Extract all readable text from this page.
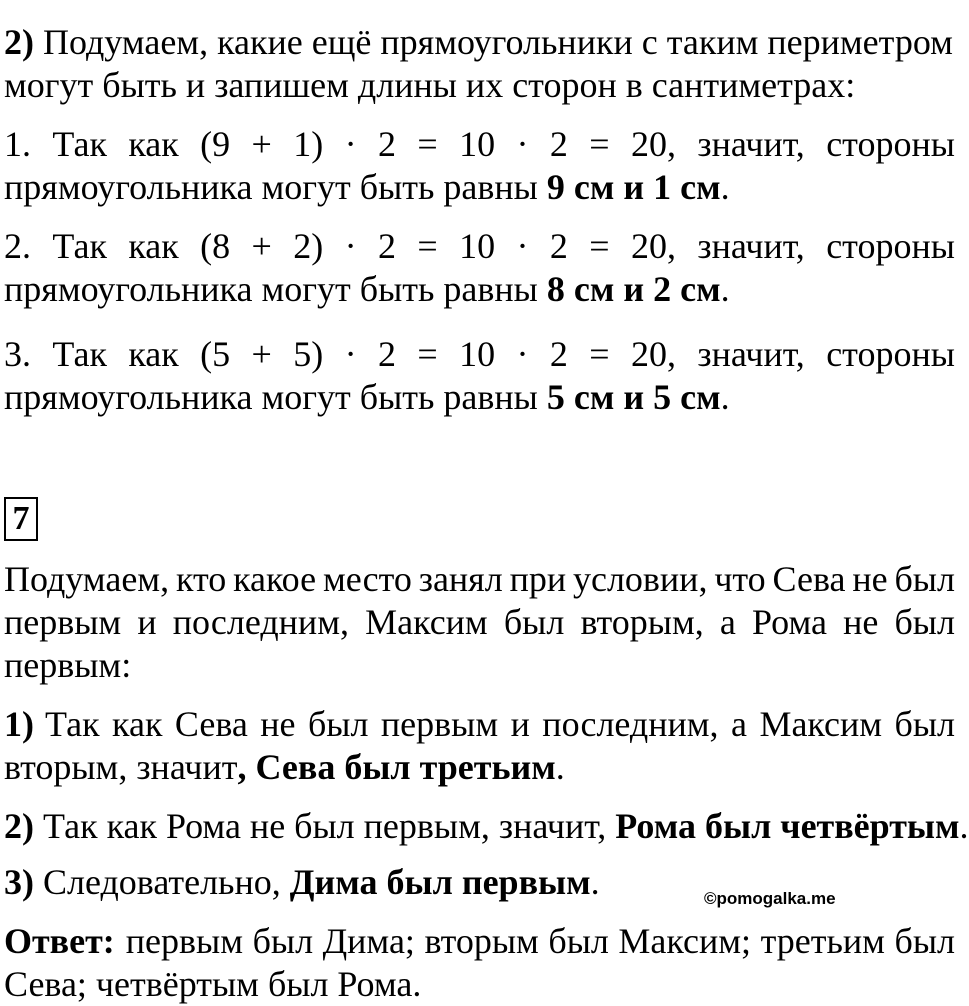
2) Подумаем, какие ещё прямоугольники с таким периметром
могут быть и запишем длины их сторон в сантиметрах:
1. Так как (9 + 1) · 2 = 10 · 2 = 20, значит, стороны
прямоугольника могут быть равны 9 см и 1 см.
2. Так как (8 + 2) · 2 = 10 · 2 = 20, значит, стороны
прямоугольника могут быть равны 8 см и 2 см.
3. Так как (5 + 5) · 2 = 10 · 2 = 20, значит, стороны
прямоугольника могут быть равны 5 см и 5 см.
Подумаем, кто какое место занял при условии, что Сева не был
первым и последним, Максим был вторым, а Рома не был
первым:
1) Так как Сева не был первым и последним, а Максим был
вторым, значит, Сева был третьим.
2) Так как Рома не был первым, значит, Рома был четвёртым.
3) Следовательно, Дима был первым.
Ответ: первым был Дима; вторым был Максим; третьим был
Сева; четвёртым был Рома.
7
©pomogalka.me
